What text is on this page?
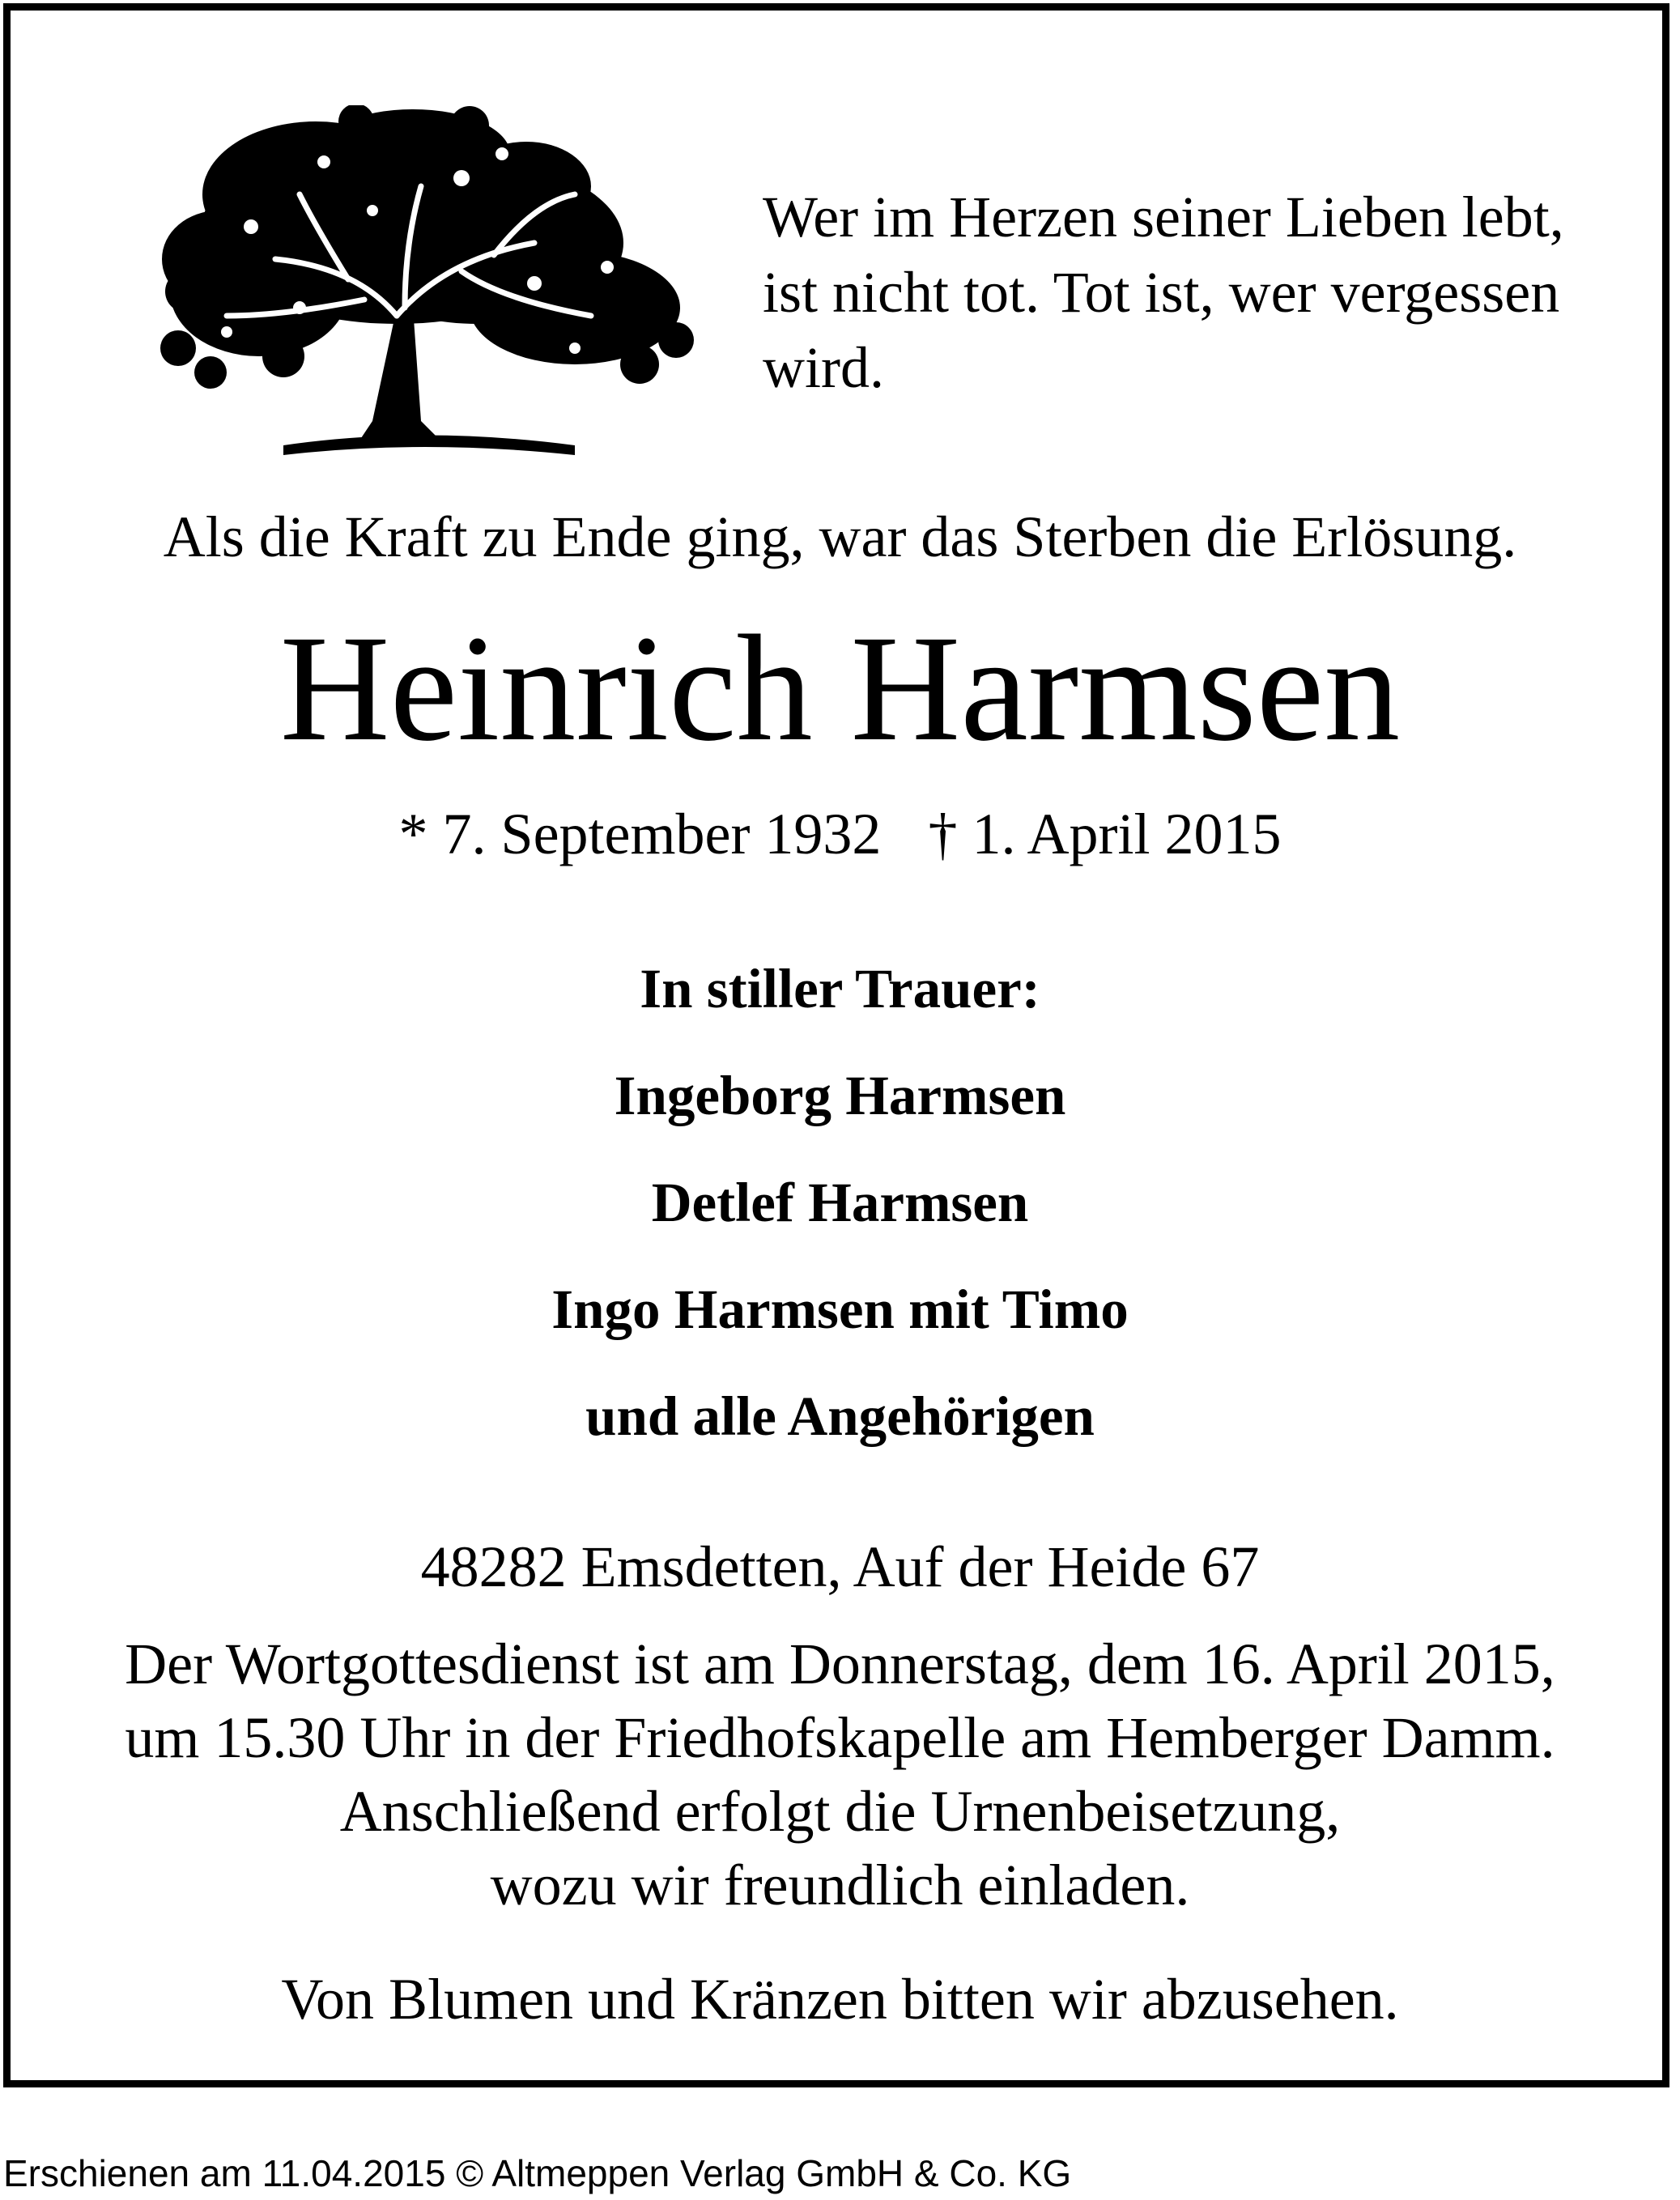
Wer im Herzen seiner Lieben lebt,
ist nicht tot. Tot ist, wer vergessen
wird.
Als die Kraft zu Ende ging, war das Sterben die Erlösung.
Heinrich Harmsen
* 7. September 1932 † 1. April 2015
In stiller Trauer:
Ingeborg Harmsen
Detlef Harmsen
Ingo Harmsen mit Timo
und alle Angehörigen
48282 Emsdetten, Auf der Heide 67
Der Wortgottesdienst ist am Donnerstag, dem 16. April 2015,
um 15.30 Uhr in der Friedhofskapelle am Hemberger Damm.
Anschließend erfolgt die Urnenbeisetzung,
wozu wir freundlich einladen.
Von Blumen und Kränzen bitten wir abzusehen.
Erschienen am 11.04.2015 © Altmeppen Verlag GmbH & Co. KG
